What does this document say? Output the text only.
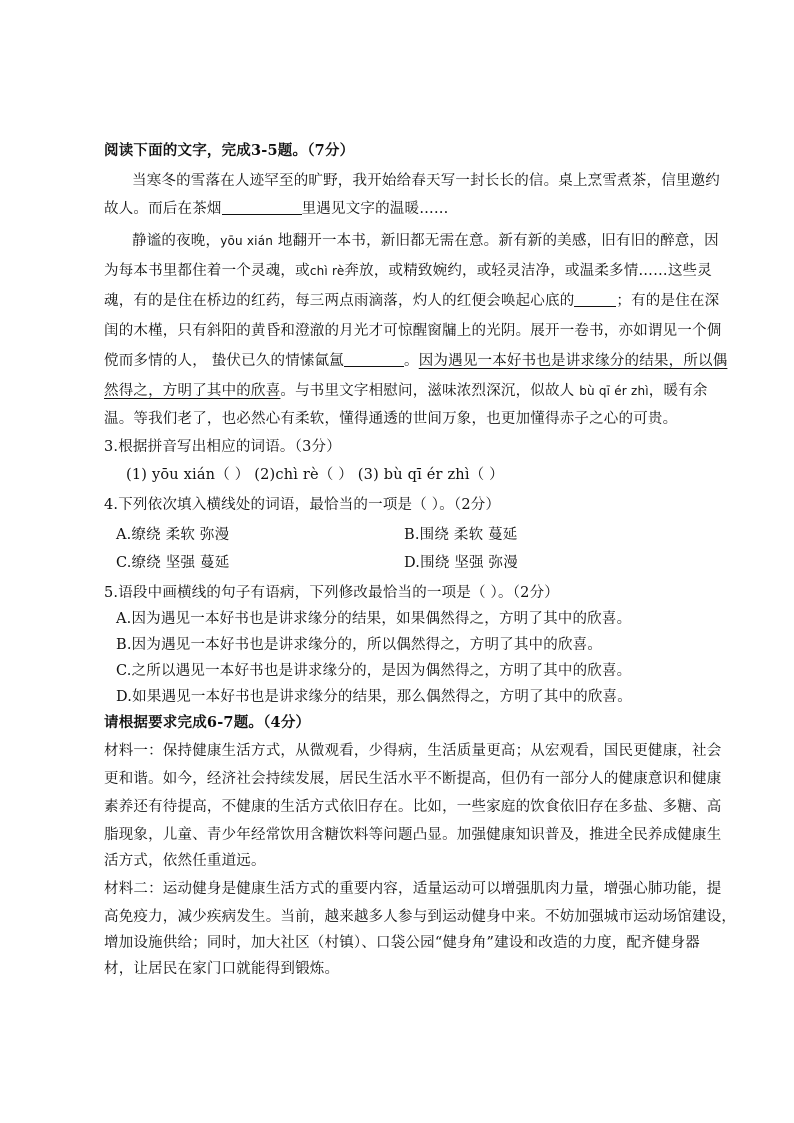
阅读下面的文字，完成3-5题。（7分）
当寒冬的雪落在人迹罕至的旷野，我开始给春天写一封长长的信。桌上烹雪煮茶，信里邀约
故人。而后在茶烟	里遇见文字的温暖……
静谧的夜晚，yōu xián 地翻开一本书，新旧都无需在意。新有新的美感，旧有旧的醉意，因
为每本书里都住着一个灵魂，或chì rè奔放，或精致婉约，或轻灵洁净，或温柔多情……这些灵
魂，有的是住在桥边的红药，每三两点雨滴落，灼人的红便会唤起心底的	；有的是住在深
闺的木槿，只有斜阳的黄昏和澄澈的月光才可惊醒窗牖上的光阴。展开一卷书，亦如谓见一个倜
傥而多情的人， 蛰伏已久的情愫氤氲	。因为遇见一本好书也是讲求缘分的结果，所以偶
然得之，方明了其中的欣喜。与书里文字相慰问，滋味浓烈深沉，似故人 bù qī ér zhì，暖有余
温。等我们老了，也必然心有柔软，懂得通透的世间万象，也更加懂得赤子之心的可贵。
3.根据拼音写出相应的词语。（3分）
(1) yōu xián（ ） (2)chì rè（ ） (3) bù qī ér zhì（ ）
4.下列依次填入横线处的词语，最恰当的一项是（ ）。（2分）
A.缭绕 柔软 弥漫	B.围绕 柔软 蔓延
C.缭绕 坚强 蔓延	D.围绕 坚强 弥漫
5.语段中画横线的句子有语病，下列修改最恰当的一项是（ ）。（2分）
A.因为遇见一本好书也是讲求缘分的结果，如果偶然得之，方明了其中的欣喜。
B.因为遇见一本好书也是讲求缘分的，所以偶然得之，方明了其中的欣喜。
C.之所以遇见一本好书也是讲求缘分的，是因为偶然得之，方明了其中的欣喜。
D.如果遇见一本好书也是讲求缘分的结果，那么偶然得之，方明了其中的欣喜。
请根据要求完成6-7题。（4分）
材料一：保持健康生活方式，从微观看，少得病，生活质量更高；从宏观看，国民更健康，社会
更和谐。如今，经济社会持续发展，居民生活水平不断提高，但仍有一部分人的健康意识和健康
素养还有待提高，不健康的生活方式依旧存在。比如，一些家庭的饮食依旧存在多盐、多糖、高
脂现象，儿童、青少年经常饮用含糖饮料等问题凸显。加强健康知识普及，推进全民养成健康生
活方式，依然任重道远。
材料二：运动健身是健康生活方式的重要内容，适量运动可以增强肌肉力量，增强心肺功能，提
高免疫力，减少疾病发生。当前，越来越多人参与到运动健身中来。不妨加强城市运动场馆建设，
增加设施供给；同时，加大社区（村镇）、口袋公园“健身角”建设和改造的力度，配齐健身器
材，让居民在家门口就能得到锻炼。
